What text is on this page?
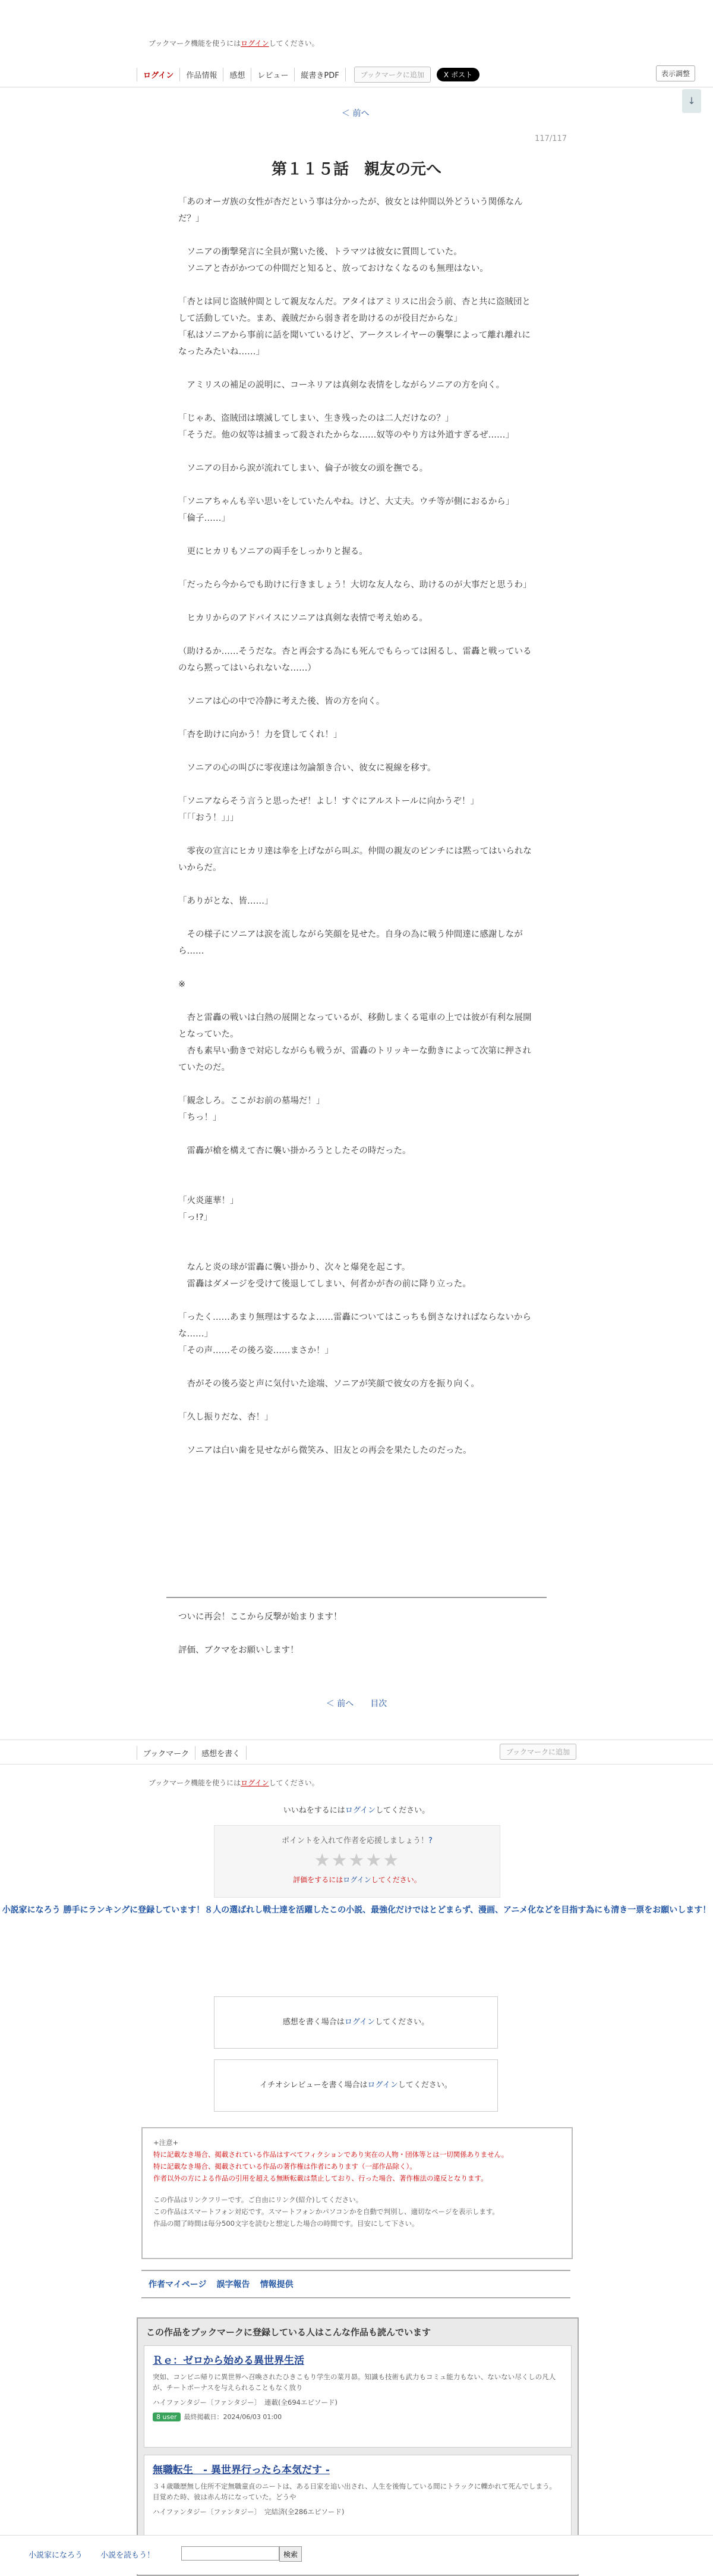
ブックマーク機能を使うにはログインしてください。
ログイン	作品情報	感想	レビュー	縦書きPDF	ブックマークに追加	X ポスト	表示調整
↓
＜ 前へ
117/117
第１１５話　親友の元へ

「あのオーガ族の女性が杏だという事は分かったが、彼女とは仲間以外どういう関係なんだ？」

　ソニアの衝撃発言に全員が驚いた後、トラマツは彼女に質問していた。

　ソニアと杏がかつての仲間だと知ると、放っておけなくなるのも無理はない。

「杏とは同じ盗賊仲間として親友なんだ。アタイはアミリスに出会う前、杏と共に盗賊団として活動していた。まあ、義賊だから弱き者を助けるのが役目だからな」

「私はソニアから事前に話を聞いているけど、アークスレイヤーの襲撃によって離れ離れになったみたいね……」

　アミリスの補足の説明に、コーネリアは真剣な表情をしながらソニアの方を向く。

「じゃあ、盗賊団は壊滅してしまい、生き残ったのは二人だけなの？」

「そうだ。他の奴等は捕まって殺されたからな……奴等のやり方は外道すぎるぜ……」

　ソニアの目から涙が流れてしまい、倫子が彼女の頭を撫でる。

「ソニアちゃんも辛い思いをしていたんやね。けど、大丈夫。ウチ等が側におるから」

「倫子……」

　更にヒカリもソニアの両手をしっかりと握る。

「だったら今からでも助けに行きましょう！大切な友人なら、助けるのが大事だと思うわ」

　ヒカリからのアドバイスにソニアは真剣な表情で考え始める。

（助けるか……そうだな。杏と再会する為にも死んでもらっては困るし、雷轟と戦っているのなら黙ってはいられないな……）

　ソニアは心の中で冷静に考えた後、皆の方を向く。

「杏を助けに向かう！力を貸してくれ！」

　ソニアの心の叫びに零夜達は勿論頷き合い、彼女に視線を移す。

「ソニアならそう言うと思ったぜ！よし！すぐにアルストールに向かうぞ！」

「「「おう！」」」

　零夜の宣言にヒカリ達は拳を上げながら叫ぶ。仲間の親友のピンチには黙ってはいられないからだ。

「ありがとな、皆……」

　その様子にソニアは涙を流しながら笑顔を見せた。自身の為に戦う仲間達に感謝しながら……

※

　杏と雷轟の戦いは白熱の展開となっているが、移動しまくる電車の上では彼が有利な展開となっていた。

　杏も素早い動きで対応しながらも戦うが、雷轟のトリッキーな動きによって次第に押されていたのだ。

「観念しろ。ここがお前の墓場だ！」

「ちっ！」

　雷轟が槍を構えて杏に襲い掛かろうとしたその時だった。

「火炎蓮華！」

「っ!?」

　なんと炎の球が雷轟に襲い掛かり、次々と爆発を起こす。

　雷轟はダメージを受けて後退してしまい、何者かが杏の前に降り立った。

「ったく……あまり無理はするなよ……雷轟についてはこっちも倒さなければならないからな……」

「その声……その後ろ姿……まさか！」

　杏がその後ろ姿と声に気付いた途端、ソニアが笑顔で彼女の方を振り向く。

「久し振りだな、杏！」

　ソニアは白い歯を見せながら微笑み、旧友との再会を果たしたのだった。

ついに再会！ここから反撃が始まります！

評価、ブクマをお願いします！

＜ 前へ 目次
ブックマーク	感想を書く	ブックマークに追加
ブックマーク機能を使うにはログインしてください。
いいねをするにはログインしてください。
ポイントを入れて作者を応援しましょう！?
★★★★★
評価をするにはログインしてください。
小説家になろう 勝手にランキングに登録しています！８人の選ばれし戦士達を活躍したこの小説、最強化だけではとどまらず、漫画、アニメ化などを目指す為にも清き一票をお願いします！
感想を書く場合はログインしてください。
イチオシレビューを書く場合はログインしてください。
+注意+
特に記載なき場合、掲載されている作品はすべてフィクションであり実在の人物・団体等とは一切関係ありません。
特に記載なき場合、掲載されている作品の著作権は作者にあります（一部作品除く）。
作者以外の方による作品の引用を超える無断転載は禁止しており、行った場合、著作権法の違反となります。
この作品はリンクフリーです。ご自由にリンク(紹介)してください。
この作品はスマートフォン対応です。スマートフォンかパソコンかを自動で判別し、適切なページを表示します。
作品の閲了時間は毎分500文字を読むと想定した場合の時間です。目安にして下さい。
作者マイページ 誤字報告 情報提供
この作品をブックマークに登録している人はこんな作品も読んでいます
Ｒｅ：ゼロから始める異世界生活
突如、コンビニ帰りに異世界へ召喚されたひきこもり学生の菜月昴。知識も技術も武力もコミュ能力もない、ないない尽くしの凡人が、チートボーナスを与えられることもなく放り
ハイファンタジー〔ファンタジー〕　連載(全694エピソード)
8 user 最終掲載日：2024/06/03 01:00
無職転生　- 異世界行ったら本気だす -
３４歳職歴無し住所不定無職童貞のニートは、ある日家を追い出され、人生を後悔している間にトラックに轢かれて死んでしまう。目覚めた時、彼は赤ん坊になっていた。どうや
ハイファンタジー〔ファンタジー〕　完結済(全286エピソード)
小説家になろう 小説を読もう！	検索
